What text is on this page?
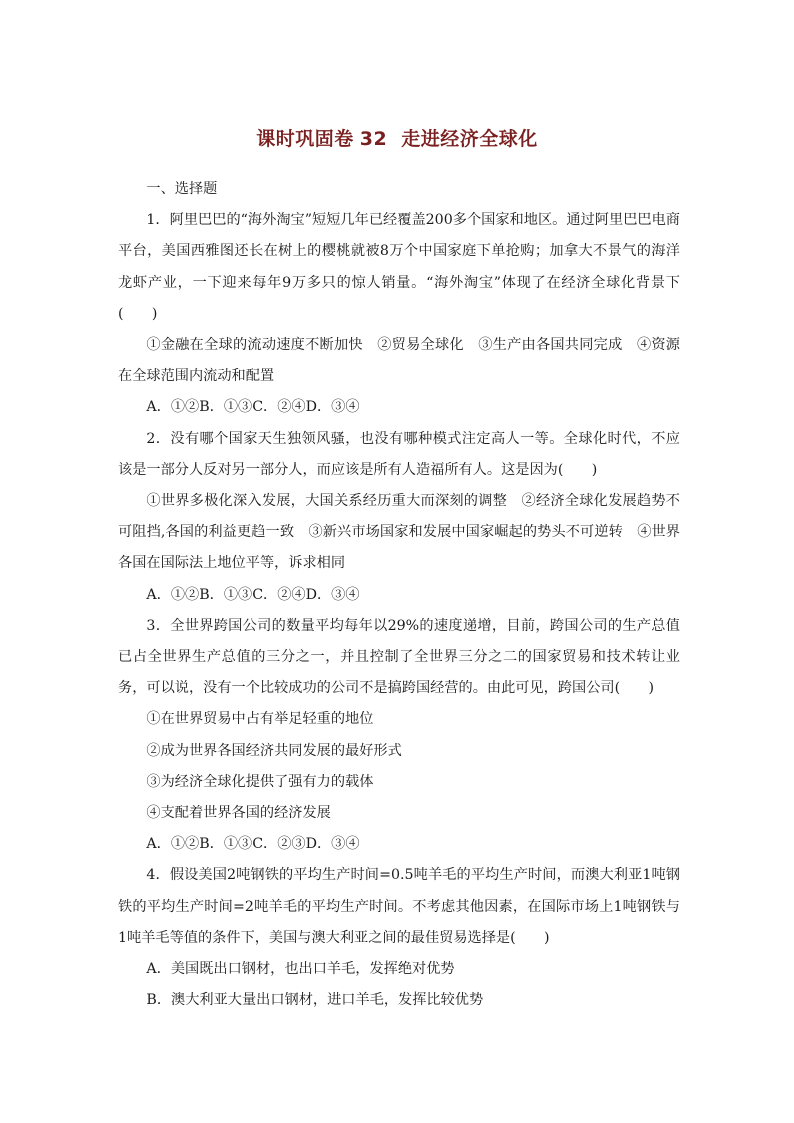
课时巩固卷 32 走进经济全球化

一、选择题

1．阿里巴巴的“海外淘宝”短短几年已经覆盖200多个国家和地区。通过阿里巴巴电商平台，美国西雅图还长在树上的樱桃就被8万个中国家庭下单抢购；加拿大不景气的海洋龙虾产业，一下迎来每年9万多只的惊人销量。“海外淘宝”体现了在经济全球化背景下(　　)

①金融在全球的流动速度不断加快　②贸易全球化　③生产由各国共同完成　④资源在全球范围内流动和配置

A．①②B．①③C．②④D．③④

2．没有哪个国家天生独领风骚，也没有哪种模式注定高人一等。全球化时代，不应该是一部分人反对另一部分人，而应该是所有人造福所有人。这是因为(　　)

①世界多极化深入发展，大国关系经历重大而深刻的调整　②经济全球化发展趋势不可阻挡,各国的利益更趋一致　③新兴市场国家和发展中国家崛起的势头不可逆转　④世界各国在国际法上地位平等，诉求相同

A．①②B．①③C．②④D．③④

3．全世界跨国公司的数量平均每年以29%的速度递增，目前，跨国公司的生产总值已占全世界生产总值的三分之一，并且控制了全世界三分之二的国家贸易和技术转让业务，可以说，没有一个比较成功的公司不是搞跨国经营的。由此可见，跨国公司(　　)

①在世界贸易中占有举足轻重的地位

②成为世界各国经济共同发展的最好形式

③为经济全球化提供了强有力的载体

④支配着世界各国的经济发展

A．①②B．①③C．②③D．③④

4．假设美国2吨钢铁的平均生产时间=0.5吨羊毛的平均生产时间，而澳大利亚1吨钢铁的平均生产时间=2吨羊毛的平均生产时间。不考虑其他因素，在国际市场上1吨钢铁与1吨羊毛等值的条件下，美国与澳大利亚之间的最佳贸易选择是(　　)

A．美国既出口钢材，也出口羊毛，发挥绝对优势

B．澳大利亚大量出口钢材，进口羊毛，发挥比较优势
